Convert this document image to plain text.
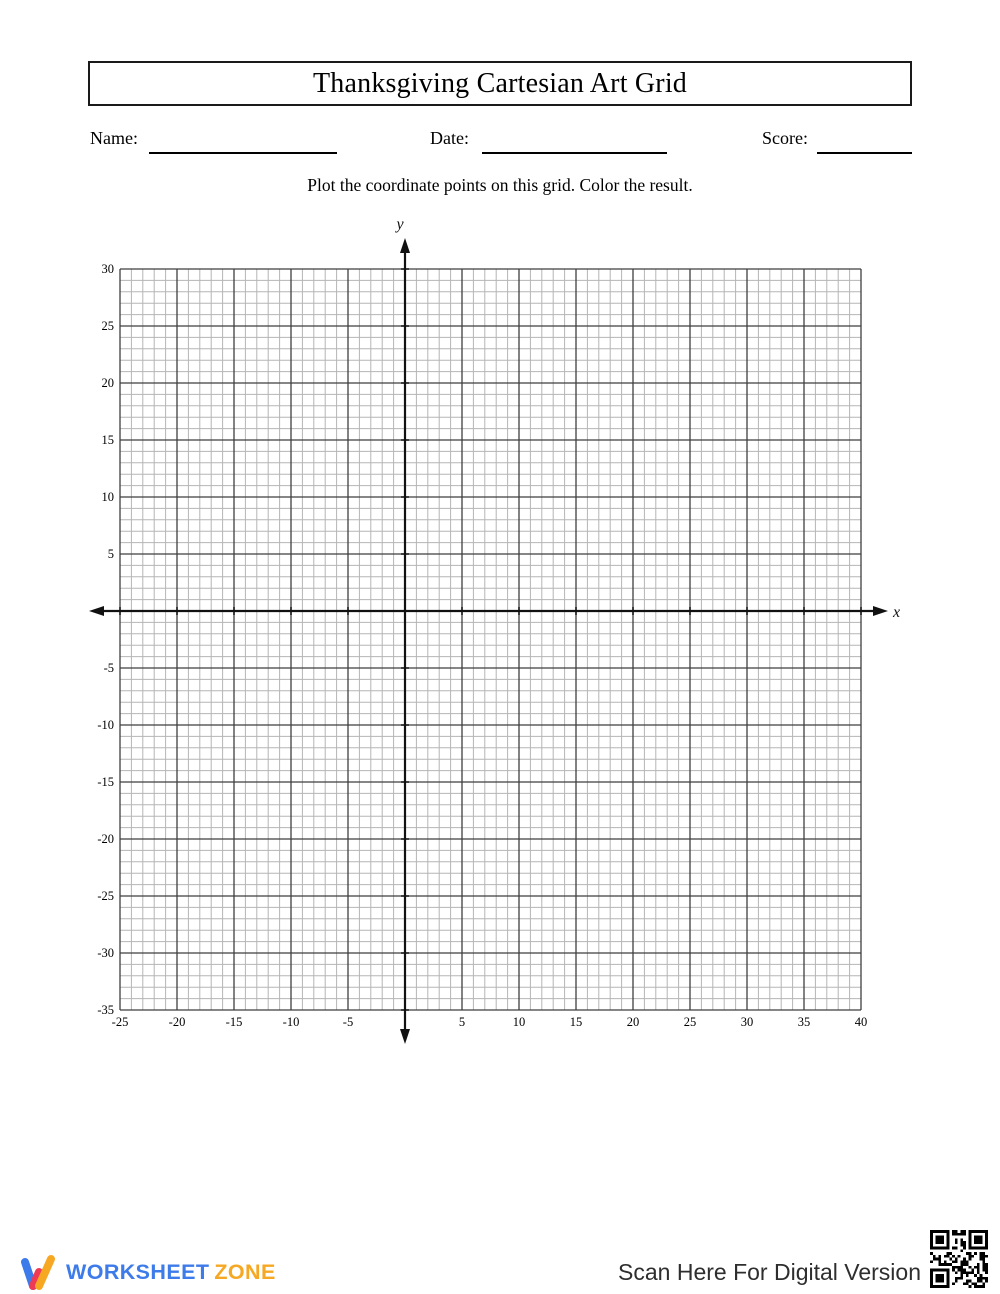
Thanksgiving Cartesian Art Grid
Name:	Date:	Score:
Plot the coordinate points on this grid. Color the result.
-25	-20	-15	-10	-5	5	10	15	20	25	30	35	40
30
25
20
15
10
5
-5
-10
-15
-20
-25
-30
-35
x
y
WORKSHEET ZONE	Scan Here For Digital Version
